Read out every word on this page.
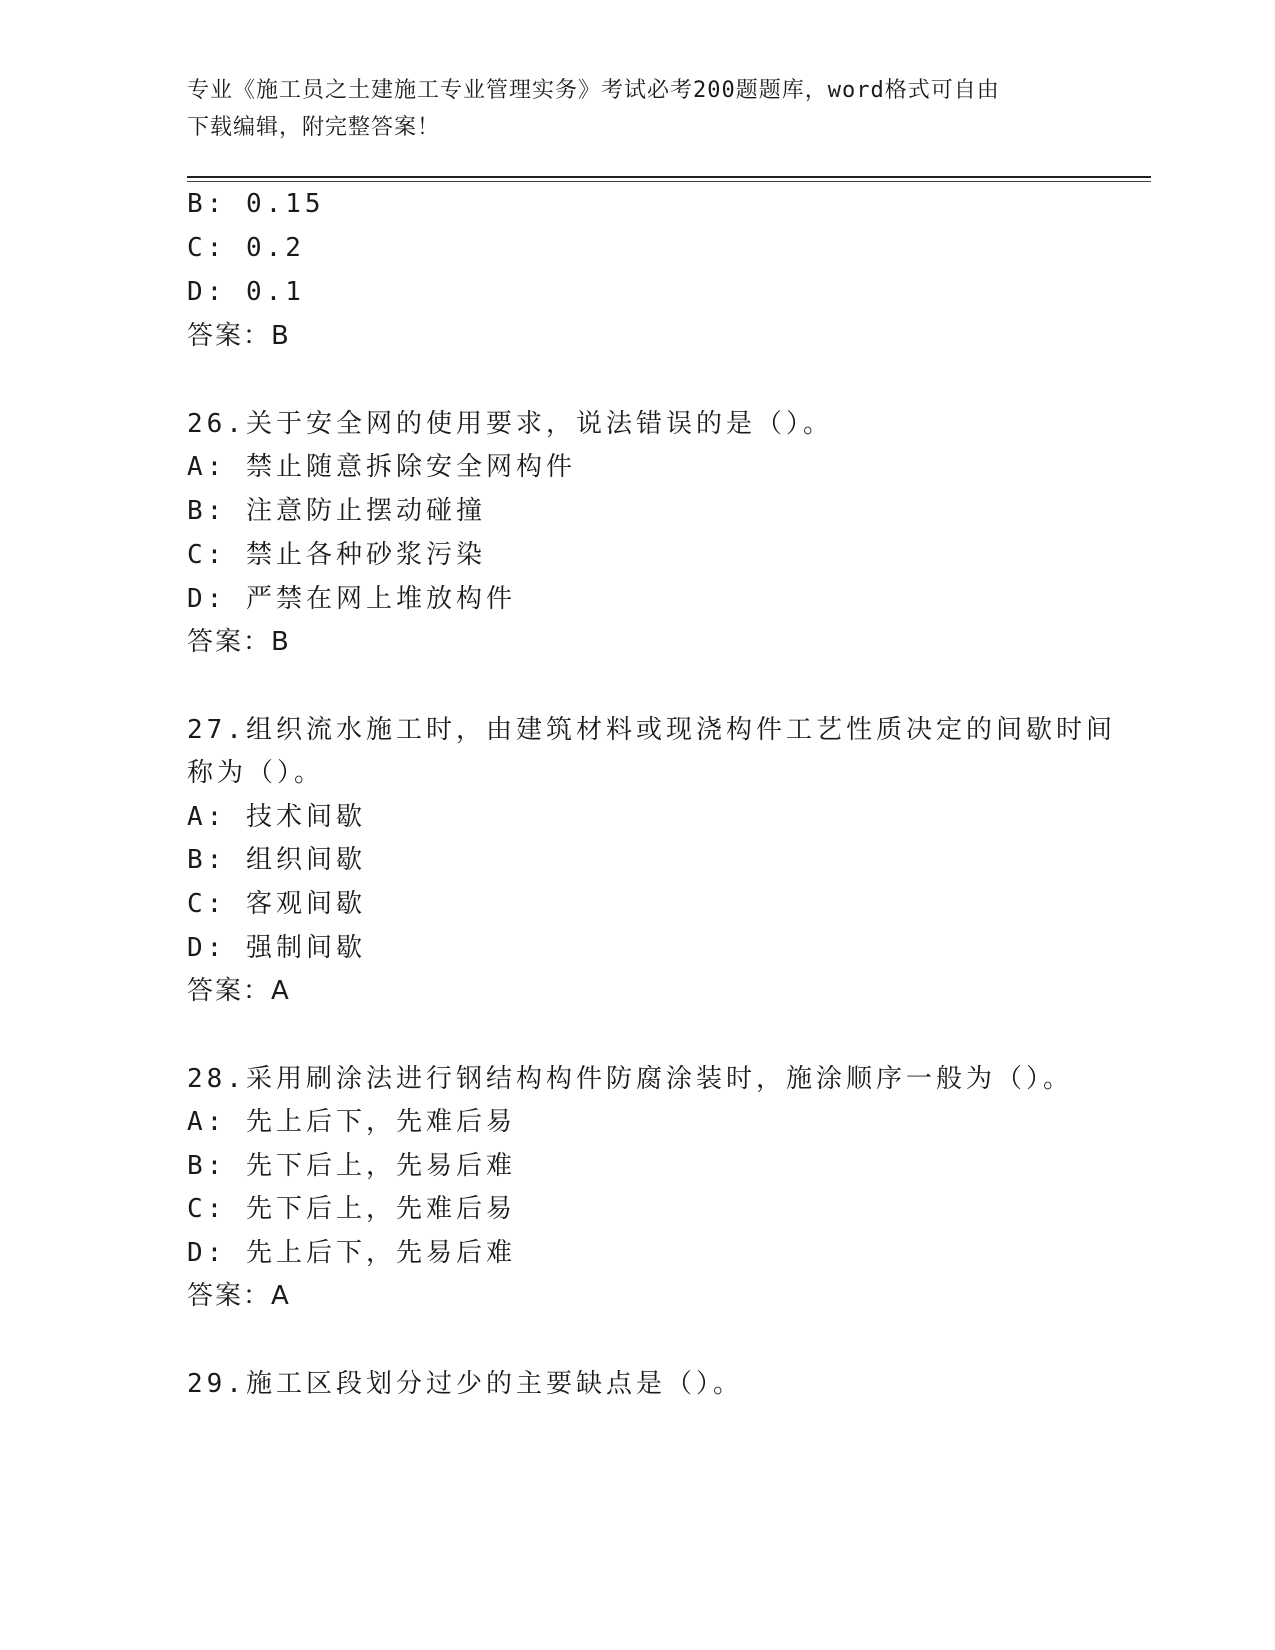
专业《施工员之土建施工专业管理实务》考试必考200题题库，word格式可自由
下载编辑，附完整答案！
B: 0.15
C: 0.2
D: 0.1
答案：B
26.关于安全网的使用要求，说法错误的是（）。
A: 禁止随意拆除安全网构件
B: 注意防止摆动碰撞
C: 禁止各种砂浆污染
D: 严禁在网上堆放构件
答案：B
27.组织流水施工时，由建筑材料或现浇构件工艺性质决定的间歇时间
称为（）。
A: 技术间歇
B: 组织间歇
C: 客观间歇
D: 强制间歇
答案：A
28.采用刷涂法进行钢结构构件防腐涂装时，施涂顺序一般为（）。
A: 先上后下，先难后易
B: 先下后上，先易后难
C: 先下后上，先难后易
D: 先上后下，先易后难
答案：A
29.施工区段划分过少的主要缺点是（）。
